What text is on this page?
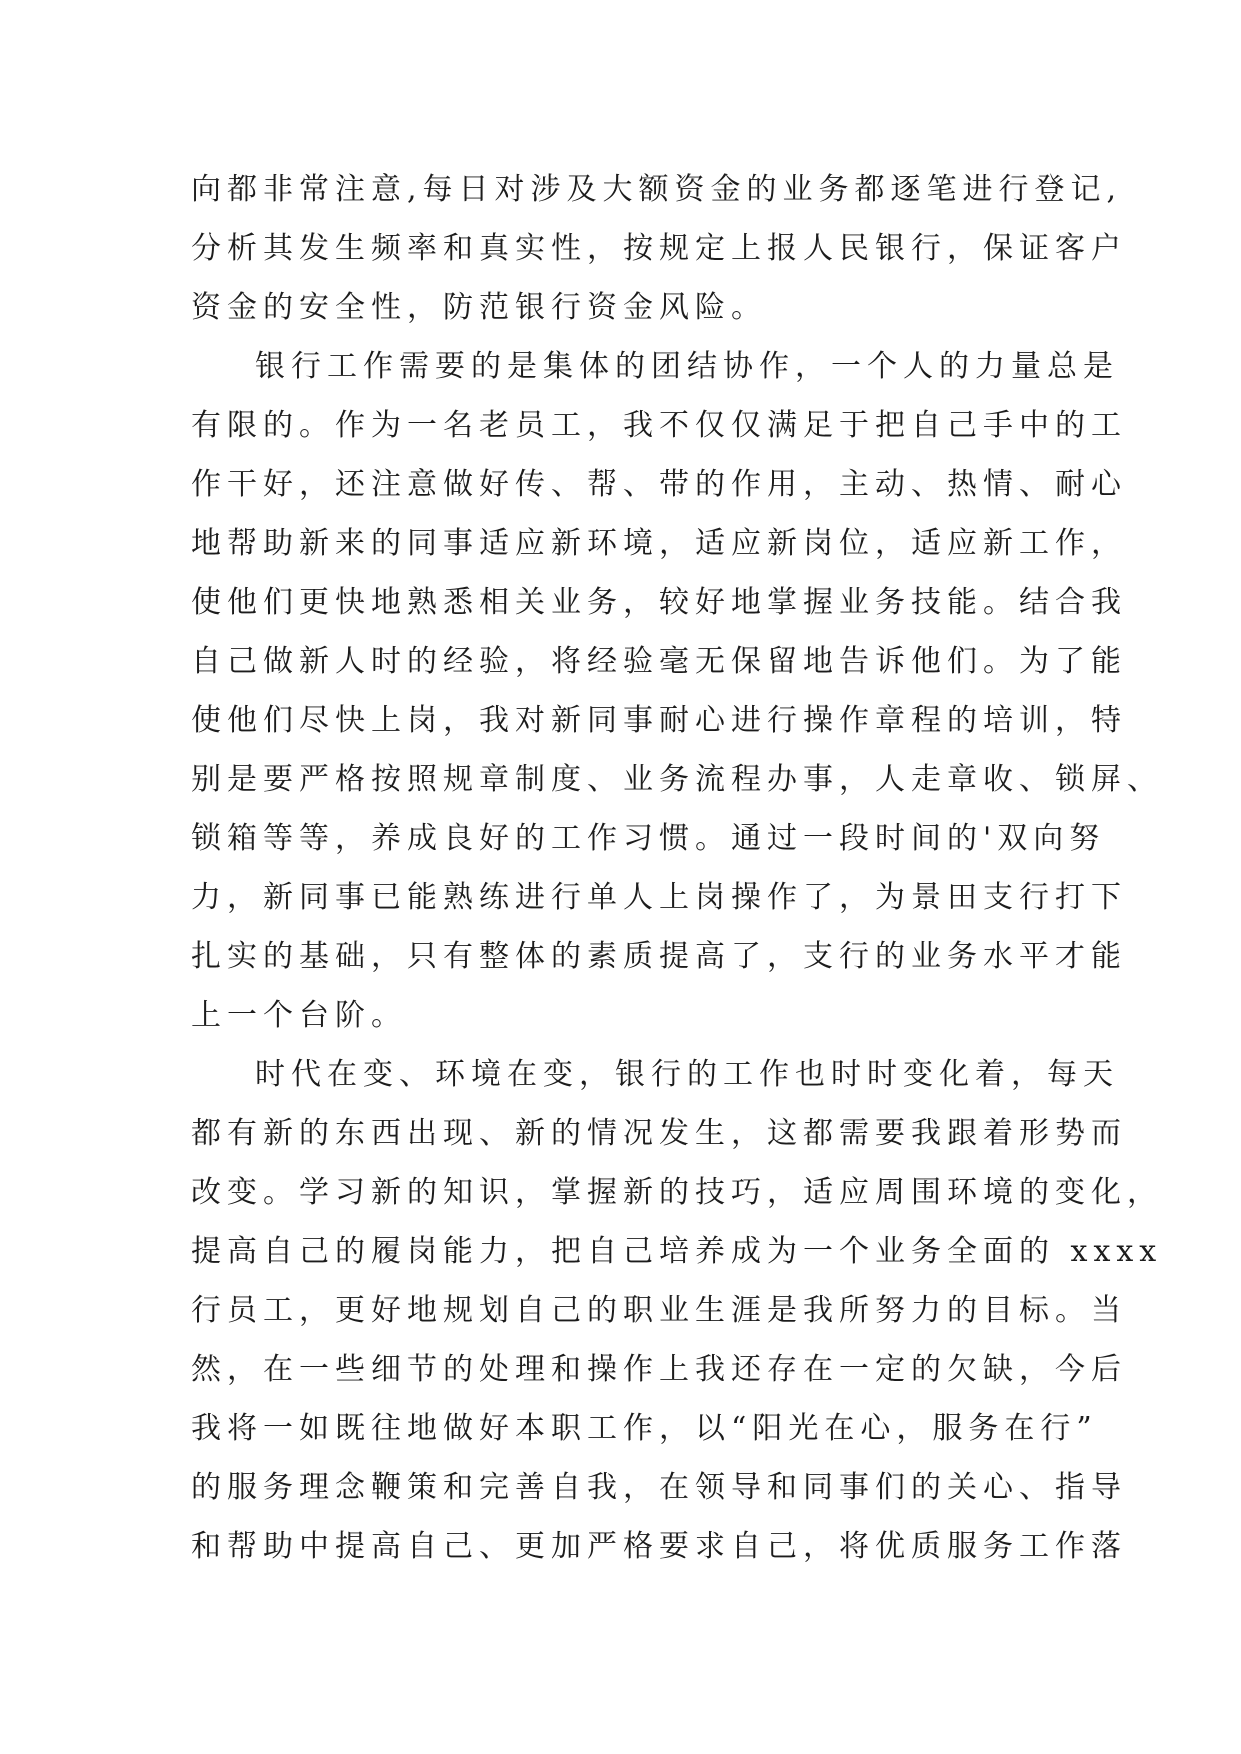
向都非常注意,每日对涉及大额资金的业务都逐笔进行登记,
分析其发生频率和真实性，按规定上报人民银行，保证客户
资金的安全性，防范银行资金风险。
银行工作需要的是集体的团结协作，一个人的力量总是
有限的。作为一名老员工，我不仅仅满足于把自己手中的工
作干好，还注意做好传、帮、带的作用，主动、热情、耐心
地帮助新来的同事适应新环境，适应新岗位，适应新工作，
使他们更快地熟悉相关业务，较好地掌握业务技能。结合我
自己做新人时的经验，将经验毫无保留地告诉他们。为了能
使他们尽快上岗，我对新同事耐心进行操作章程的培训，特
别是要严格按照规章制度、业务流程办事，人走章收、锁屏、
锁箱等等，养成良好的工作习惯。通过一段时间的'双向努
力，新同事已能熟练进行单人上岗操作了，为景田支行打下
扎实的基础，只有整体的素质提高了，支行的业务水平才能
上一个台阶。
时代在变、环境在变，银行的工作也时时变化着，每天
都有新的东西出现、新的情况发生，这都需要我跟着形势而
改变。学习新的知识，掌握新的技巧，适应周围环境的变化，
提高自己的履岗能力，把自己培养成为一个业务全面的 xxxx
行员工，更好地规划自己的职业生涯是我所努力的目标。当
然，在一些细节的处理和操作上我还存在一定的欠缺，今后
我将一如既往地做好本职工作，以“阳光在心，服务在行”
的服务理念鞭策和完善自我，在领导和同事们的关心、指导
和帮助中提高自己、更加严格要求自己，将优质服务工作落
